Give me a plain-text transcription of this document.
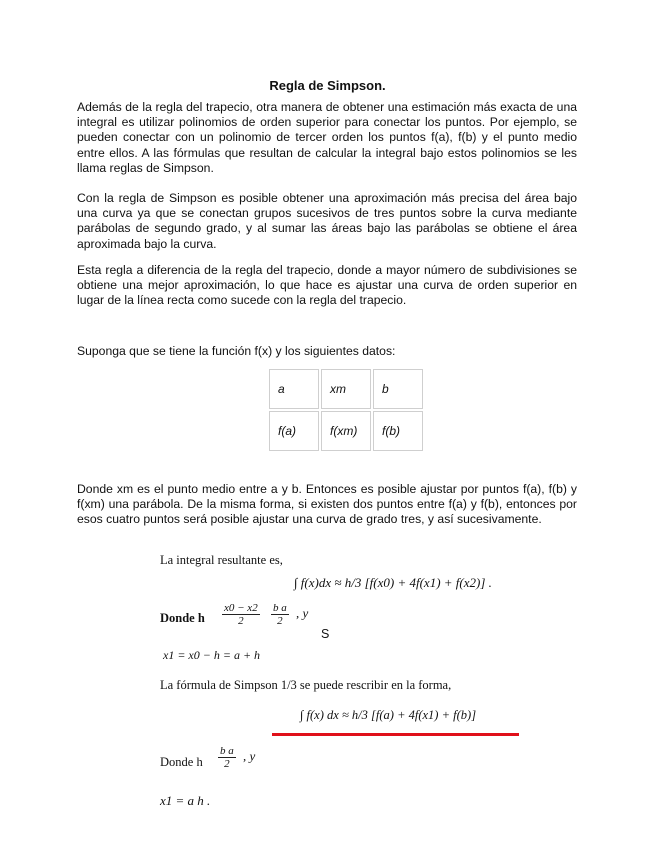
Regla de Simpson.

Además de la regla del trapecio, otra manera de obtener una estimación más exacta de una integral es utilizar polinomios de orden superior para conectar los puntos. Por ejemplo, se pueden conectar con un polinomio de tercer orden los puntos f(a), f(b) y el punto medio entre ellos. A las fórmulas que resultan de calcular la integral bajo estos polinomios se les llama reglas de Simpson.

Con la regla de Simpson es posible obtener una aproximación más precisa del área bajo una curva ya que se conectan grupos sucesivos de tres puntos sobre la curva mediante parábolas de segundo grado, y al sumar las áreas bajo las parábolas se obtiene el área aproximada bajo la curva.

Esta regla a diferencia de la regla del trapecio, donde a mayor número de subdivisiones se obtiene una mejor aproximación, lo que hace es ajustar una curva de orden superior en lugar de la línea recta como sucede con la regla del trapecio.

Suponga que se tiene la función f(x) y los siguientes datos:

a	xm	b
f(a)	f(xm)	f(b)

Donde xm es el punto medio entre a y b. Entonces es posible ajustar por puntos f(a), f(b) y f(xm) una parábola. De la misma forma, si existen dos puntos entre f(a) y f(b), entonces por esos cuatro puntos será posible ajustar una curva de grado tres, y así sucesivamente.

La integral resultante es,
∫ f(x)dx ≈ h/3 [f(x0) + 4f(x1) + f(x2)] .
Donde h $\frac{x0 - x2}{2}$
$\frac{\text{b a}}{2}$ , y
S
x1 = x0 − h = a + h
La fórmula de Simpson 1/3 se puede rescribir en la forma,
∫ f(x) dx ≈ h/3 [f(a) + 4f(x1) + f(b)]
Donde h $\frac{\text{b a}}{2}$ , y
x1 = a h .
